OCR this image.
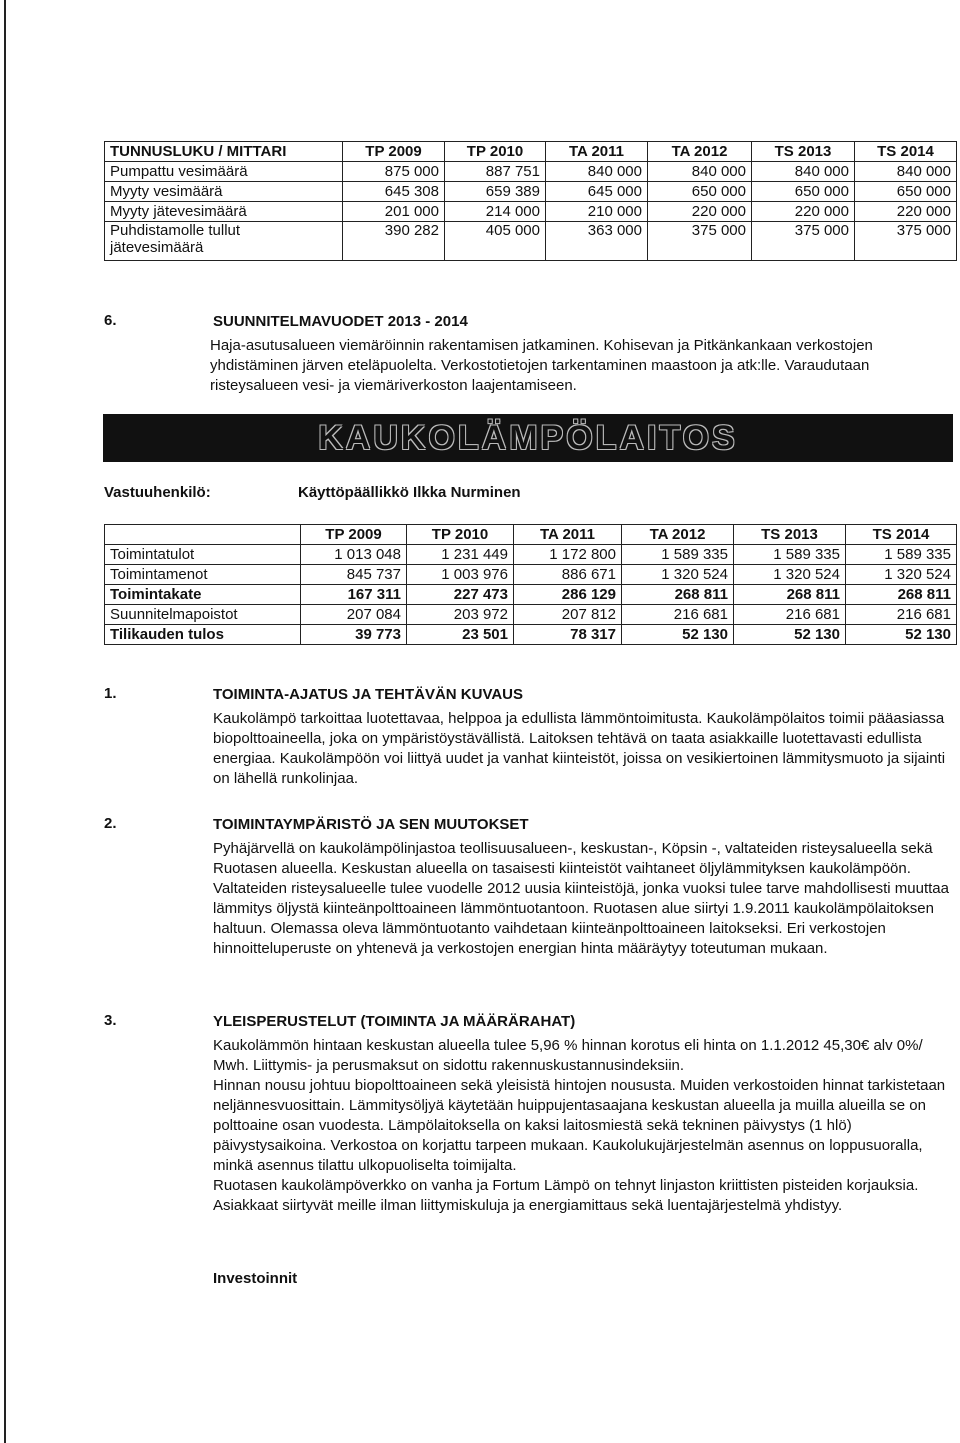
TUNNUSLUKU / MITTARI	TP 2009	TP 2010	TA 2011	TA 2012	TS 2013	TS 2014
Pumpattu vesimäärä	875 000	887 751	840 000	840 000	840 000	840 000
Myyty vesimäärä	645 308	659 389	645 000	650 000	650 000	650 000
Myyty jätevesimäärä	201 000	214 000	210 000	220 000	220 000	220 000
Puhdistamolle tullut jätevesimäärä	390 282	405 000	363 000	375 000	375 000	375 000
6.	SUUNNITELMAVUODET 2013 - 2014
Haja-asutusalueen viemäröinnin rakentamisen jatkaminen. Kohisevan ja Pitkänkankaan verkostojen yhdistäminen järven eteläpuolelta. Verkostotietojen tarkentaminen maastoon ja atk:lle. Varaudutaan risteysalueen vesi- ja viemäriverkoston laajentamiseen.
KAUKOLÄMPÖLAITOS
Vastuuhenkilö:	Käyttöpäällikkö Ilkka Nurminen
	TP 2009	TP 2010	TA 2011	TA 2012	TS 2013	TS 2014
Toimintatulot	1 013 048	1 231 449	1 172 800	1 589 335	1 589 335	1 589 335
Toimintamenot	845 737	1 003 976	886 671	1 320 524	1 320 524	1 320 524
Toimintakate	167 311	227 473	286 129	268 811	268 811	268 811
Suunnitelmapoistot	207 084	203 972	207 812	216 681	216 681	216 681
Tilikauden tulos	39 773	23 501	78 317	52 130	52 130	52 130
1.	TOIMINTA-AJATUS JA TEHTÄVÄN KUVAUS
Kaukolämpö tarkoittaa luotettavaa, helppoa ja edullista lämmöntoimitusta. Kaukolämpölaitos toimii pääasiassa biopolttoaineella, joka on ympäristöystävällistä. Laitoksen tehtävä on taata asiakkaille luotettavasti edullista energiaa. Kaukolämpöön voi liittyä uudet ja vanhat kiinteistöt, joissa on vesikiertoinen lämmitysmuoto ja sijainti on lähellä runkolinjaa.
2.	TOIMINTAYMPÄRISTÖ JA SEN MUUTOKSET
Pyhäjärvellä on kaukolämpölinjastoa teollisuusalueen-, keskustan-, Köpsin -, valtateiden risteysalueella sekä Ruotasen alueella. Keskustan alueella on tasaisesti kiinteistöt vaihtaneet öljylämmityksen kaukolämpöön. Valtateiden risteysalueelle tulee vuodelle 2012 uusia kiinteistöjä, jonka vuoksi tulee tarve mahdollisesti muuttaa lämmitys öljystä kiinteänpolttoaineen lämmöntuotantoon. Ruotasen alue siirtyi 1.9.2011 kaukolämpölaitoksen haltuun. Olemassa oleva lämmöntuotanto vaihdetaan kiinteänpolttoaineen laitokseksi. Eri verkostojen hinnoitteluperuste on yhtenevä ja verkostojen energian hinta määräytyy toteutuman mukaan.
3.	YLEISPERUSTELUT (TOIMINTA JA MÄÄRÄRAHAT)
Kaukolämmön hintaan keskustan alueella tulee 5,96 % hinnan korotus eli hinta on 1.1.2012 45,30€ alv 0%/ Mwh. Liittymis- ja perusmaksut on sidottu rakennuskustannusindeksiin.
Hinnan nousu johtuu biopolttoaineen sekä yleisistä hintojen noususta. Muiden verkostoiden hinnat tarkistetaan neljännesvuosittain. Lämmitysöljyä käytetään huippujentasaajana keskustan alueella ja muilla alueilla se on polttoaine osan vuodesta. Lämpölaitoksella on kaksi laitosmiestä sekä tekninen päivystys (1 hlö) päivystysaikoina. Verkostoa on korjattu tarpeen mukaan. Kaukolukujärjestelmän asennus on loppusuoralla, minkä asennus tilattu ulkopuoliselta toimijalta.
Ruotasen kaukolämpöverkko on vanha ja Fortum Lämpö on tehnyt linjaston kriittisten pisteiden korjauksia. Asiakkaat siirtyvät meille ilman liittymiskuluja ja energiamittaus sekä luentajärjestelmä yhdistyy.
Investoinnit
